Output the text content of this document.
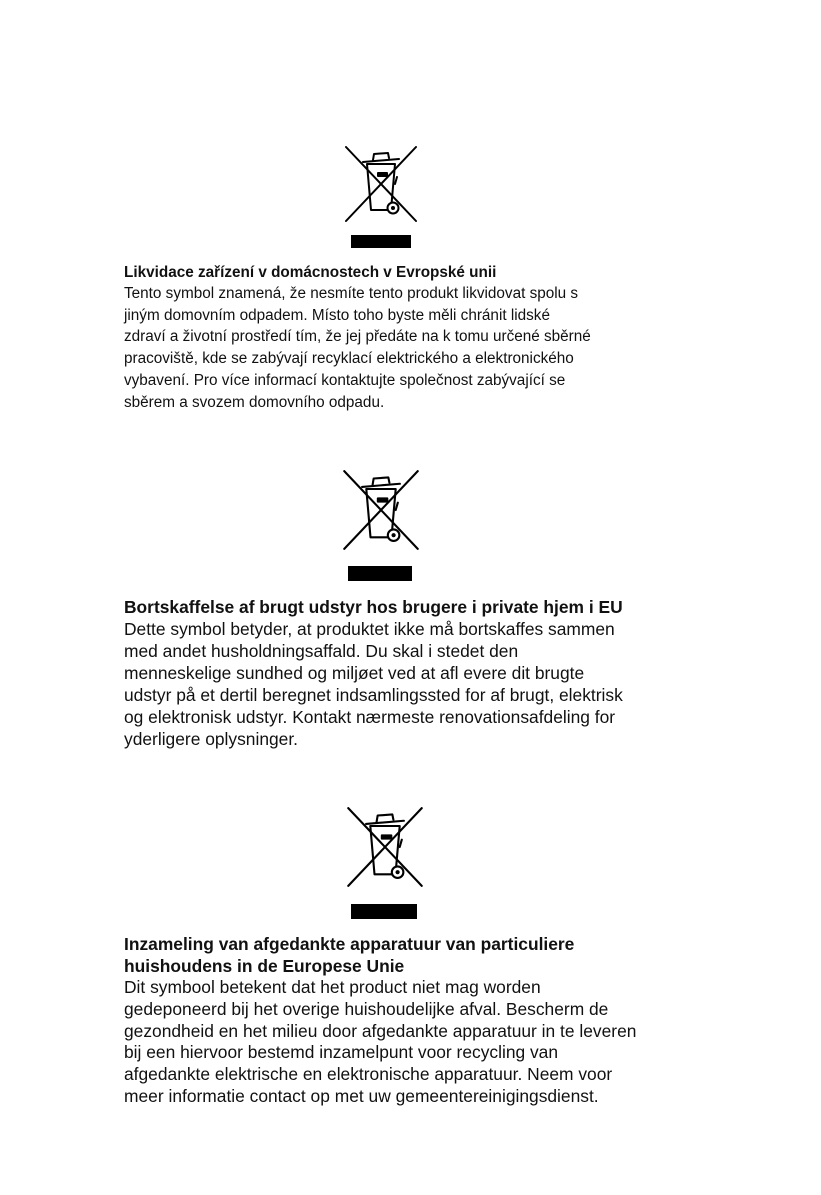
Likvidace zařízení v domácnostech v Evropské unii

Tento symbol znamená, že nesmíte tento produkt likvidovat spolu s
jiným domovním odpadem. Místo toho byste měli chránit lidské
zdraví a životní prostředí tím, že jej předáte na k tomu určené sběrné
pracoviště, kde se zabývají recyklací elektrického a elektronického
vybavení. Pro více informací kontaktujte společnost zabývající se
sběrem a svozem domovního odpadu.

Bortskaffelse af brugt udstyr hos brugere i private hjem i EU

Dette symbol betyder, at produktet ikke må bortskaffes sammen
med andet husholdningsaffald. Du skal i stedet den
menneskelige sundhed og miljøet ved at afl evere dit brugte
udstyr på et dertil beregnet indsamlingssted for af brugt, elektrisk
og elektronisk udstyr. Kontakt nærmeste renovationsafdeling for
yderligere oplysninger.

Inzameling van afgedankte apparatuur van particuliere
huishoudens in de Europese Unie

Dit symbool betekent dat het product niet mag worden
gedeponeerd bij het overige huishoudelijke afval. Bescherm de
gezondheid en het milieu door afgedankte apparatuur in te leveren
bij een hiervoor bestemd inzamelpunt voor recycling van
afgedankte elektrische en elektronische apparatuur. Neem voor
meer informatie contact op met uw gemeentereinigingsdienst.
